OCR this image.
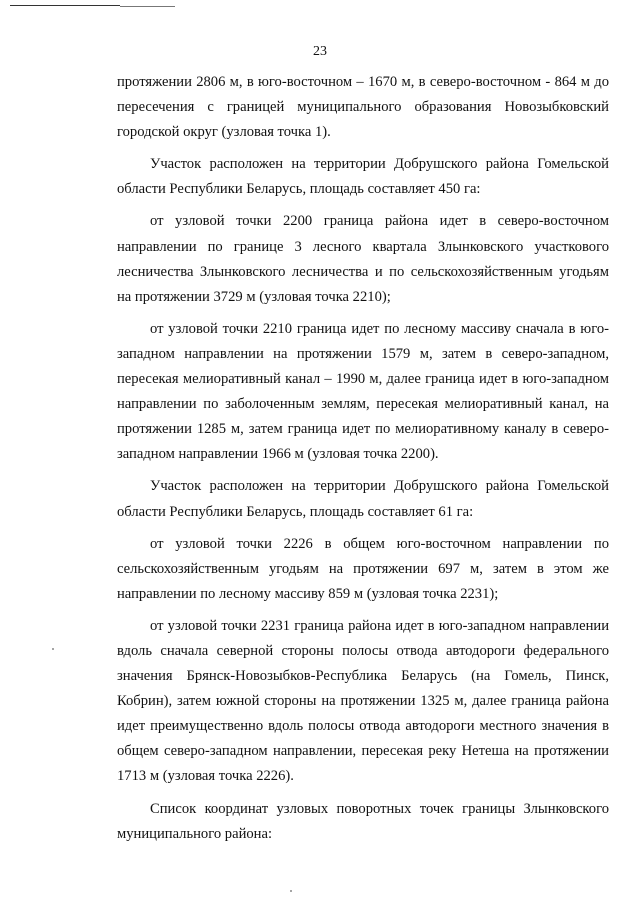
23

протяжении 2806 м, в юго-восточном – 1670 м, в северо-восточном - 864 м до пересечения с границей муниципального образования Новозыбковский городской округ (узловая точка 1).

Участок расположен на территории Добрушского района Гомельской области Республики Беларусь, площадь составляет 450 га:

от узловой точки 2200 граница района идет в северо-восточном направлении по границе 3 лесного квартала Злынковского участкового лесничества Злынковского лесничества и по сельскохозяйственным угодьям на протяжении 3729 м (узловая точка 2210);

от узловой точки 2210 граница идет по лесному массиву сначала в юго-западном направлении на протяжении 1579 м, затем в северо-западном, пересекая мелиоративный канал – 1990 м, далее граница идет в юго-западном направлении по заболоченным землям, пересекая мелиоративный канал, на протяжении 1285 м, затем граница идет по мелиоративному каналу в северо-западном направлении 1966 м (узловая точка 2200).

Участок расположен на территории Добрушского района Гомельской области Республики Беларусь, площадь составляет 61 га:

от узловой точки 2226 в общем юго-восточном направлении по сельскохозяйственным угодьям на протяжении 697 м, затем в этом же направлении по лесному массиву 859 м (узловая точка 2231);

от узловой точки 2231 граница района идет в юго-западном направлении вдоль сначала северной стороны полосы отвода автодороги федерального значения Брянск-Новозыбков-Республика Беларусь (на Гомель, Пинск, Кобрин), затем южной стороны на протяжении 1325 м, далее граница района идет преимущественно вдоль полосы отвода автодороги местного значения в общем северо-западном направлении, пересекая реку Нетеша на протяжении 1713 м (узловая точка 2226).

Список координат узловых поворотных точек границы Злынковского муниципального района:
